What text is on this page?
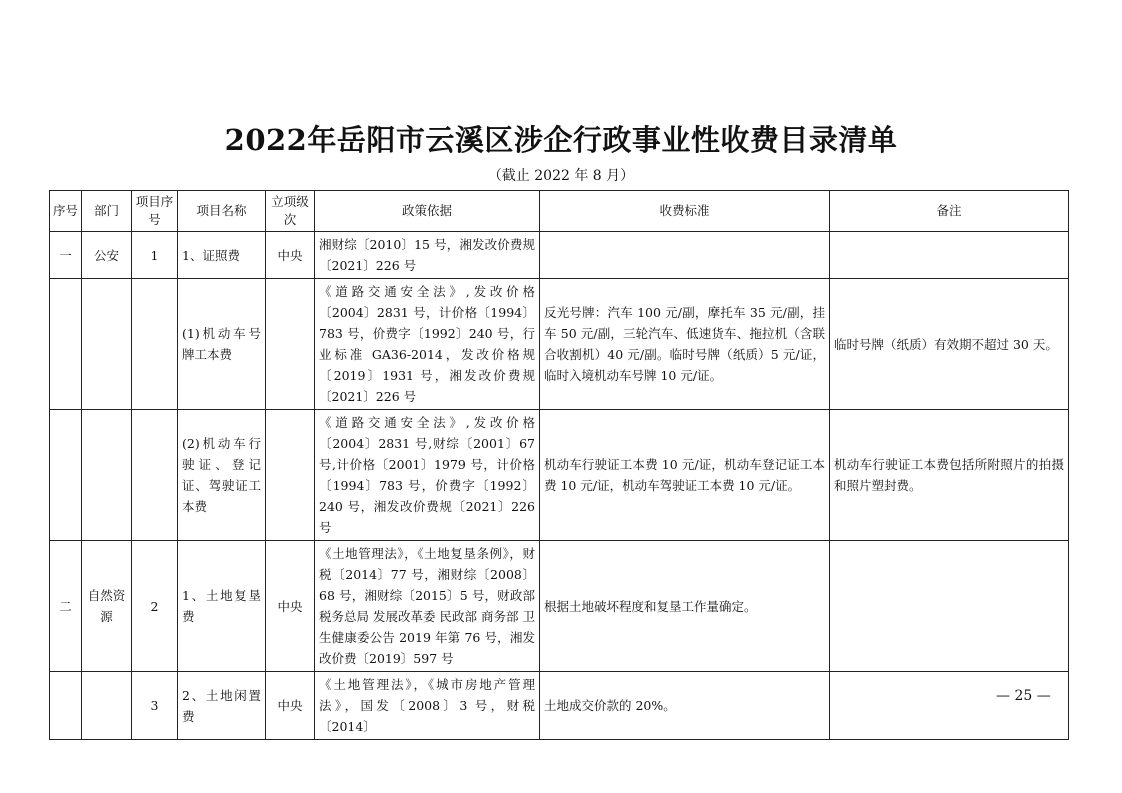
2022年岳阳市云溪区涉企行政事业性收费目录清单
（截止 2022 年 8 月）
序号	部门	项目序号	项目名称	立项级次	政策依据	收费标准	备注
一	公安	1	1、证照费	中央	湘财综〔2010〕15 号，湘发改价费规〔2021〕226 号		
			(1)机动车号牌工本费		《道路交通安全法》,发改价格〔2004〕2831 号，计价格〔1994〕783 号，价费字〔1992〕240 号，行业标准 GA36-2014，发改价格规〔2019〕1931 号，湘发改价费规〔2021〕226 号	反光号牌：汽车 100 元/副，摩托车 35 元/副，挂车 50 元/副，三轮汽车、低速货车、拖拉机（含联合收割机）40 元/副。临时号牌（纸质）5 元/证，临时入境机动车号牌 10 元/证。	临时号牌（纸质）有效期不超过 30 天。
			(2)机动车行驶证、登记证、驾驶证工本费		《道路交通安全法》,发改价格〔2004〕2831 号,财综〔2001〕67 号,计价格〔2001〕1979 号，计价格〔1994〕783 号，价费字〔1992〕240 号，湘发改价费规〔2021〕226 号	机动车行驶证工本费 10 元/证，机动车登记证工本费 10 元/证，机动车驾驶证工本费 10 元/证。	机动车行驶证工本费包括所附照片的拍摄和照片塑封费。
二	自然资源	2	1、土地复垦费	中央	《土地管理法》，《土地复垦条例》，财税〔2014〕77 号，湘财综〔2008〕68 号，湘财综〔2015〕5 号，财政部 税务总局 发展改革委 民政部 商务部 卫生健康委公告 2019 年第 76 号，湘发改价费〔2019〕597 号	根据土地破坏程度和复垦工作量确定。	
		3	2、土地闲置费	中央	《土地管理法》，《城市房地产管理法》，国发〔2008〕3 号，财税〔2014〕	土地成交价款的 20%。	
— 25 —
